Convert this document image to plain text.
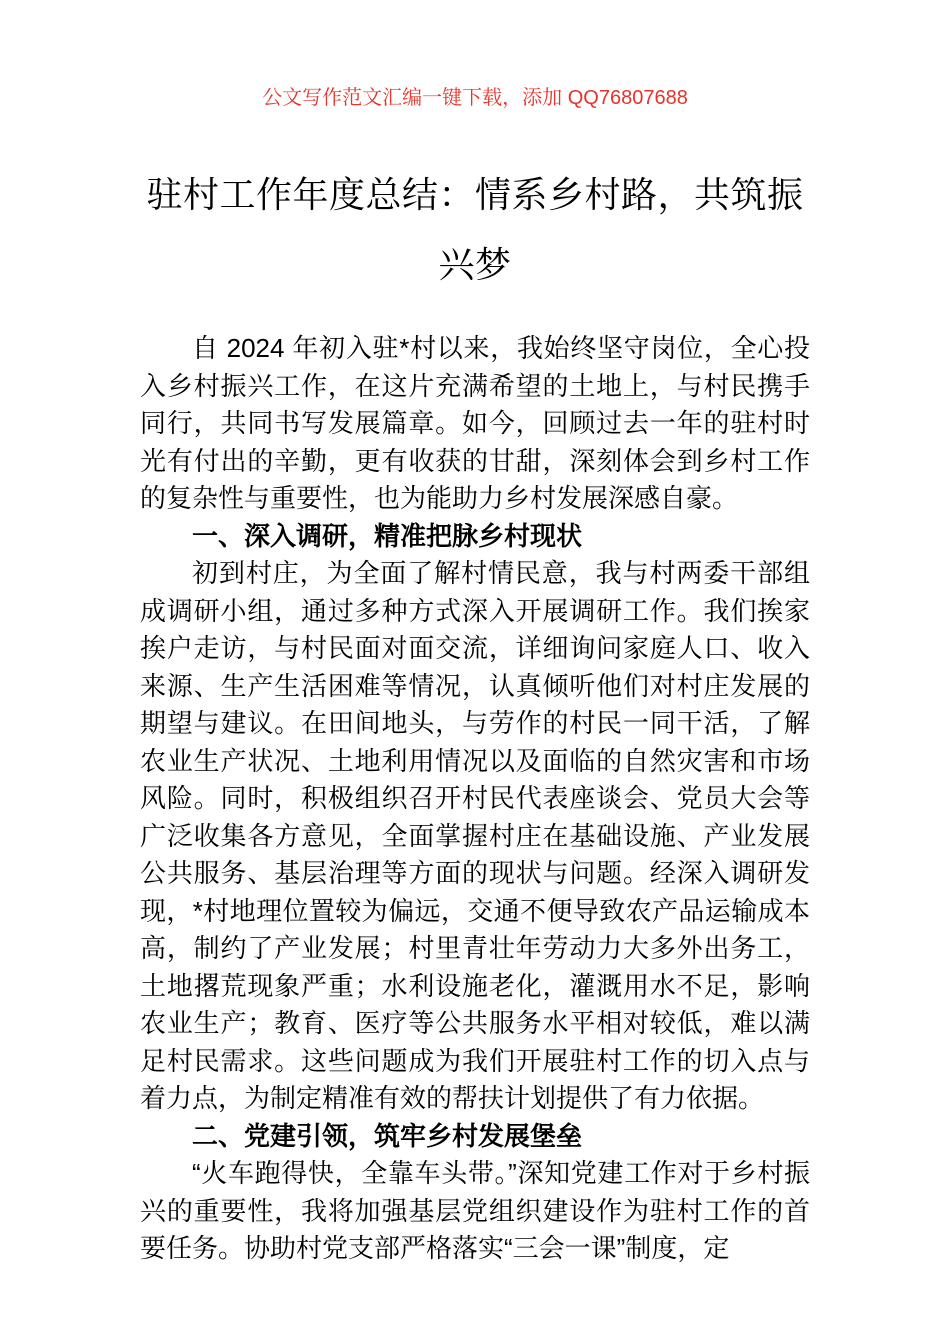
公文写作范文汇编一键下载，添加 QQ76807688

驻村工作年度总结：情系乡村路，共筑振兴梦

自 2024 年初入驻*村以来，我始终坚守岗位，全心投入乡村振兴工作，在这片充满希望的土地上，与村民携手同行，共同书写发展篇章。如今，回顾过去一年的驻村时光有付出的辛勤，更有收获的甘甜，深刻体会到乡村工作的复杂性与重要性，也为能助力乡村发展深感自豪。

一、深入调研，精准把脉乡村现状

初到村庄，为全面了解村情民意，我与村两委干部组成调研小组，通过多种方式深入开展调研工作。我们挨家挨户走访，与村民面对面交流，详细询问家庭人口、收入来源、生产生活困难等情况，认真倾听他们对村庄发展的期望与建议。在田间地头，与劳作的村民一同干活，了解农业生产状况、土地利用情况以及面临的自然灾害和市场风险。同时，积极组织召开村民代表座谈会、党员大会等广泛收集各方意见，全面掌握村庄在基础设施、产业发展公共服务、基层治理等方面的现状与问题。经深入调研发现，*村地理位置较为偏远，交通不便导致农产品运输成本高，制约了产业发展；村里青壮年劳动力大多外出务工，土地撂荒现象严重；水利设施老化，灌溉用水不足，影响农业生产；教育、医疗等公共服务水平相对较低，难以满足村民需求。这些问题成为我们开展驻村工作的切入点与着力点，为制定精准有效的帮扶计划提供了有力依据。

二、党建引领，筑牢乡村发展堡垒

“火车跑得快，全靠车头带。”深知党建工作对于乡村振兴的重要性，我将加强基层党组织建设作为驻村工作的首要任务。协助村党支部严格落实“三会一课”制度，定
